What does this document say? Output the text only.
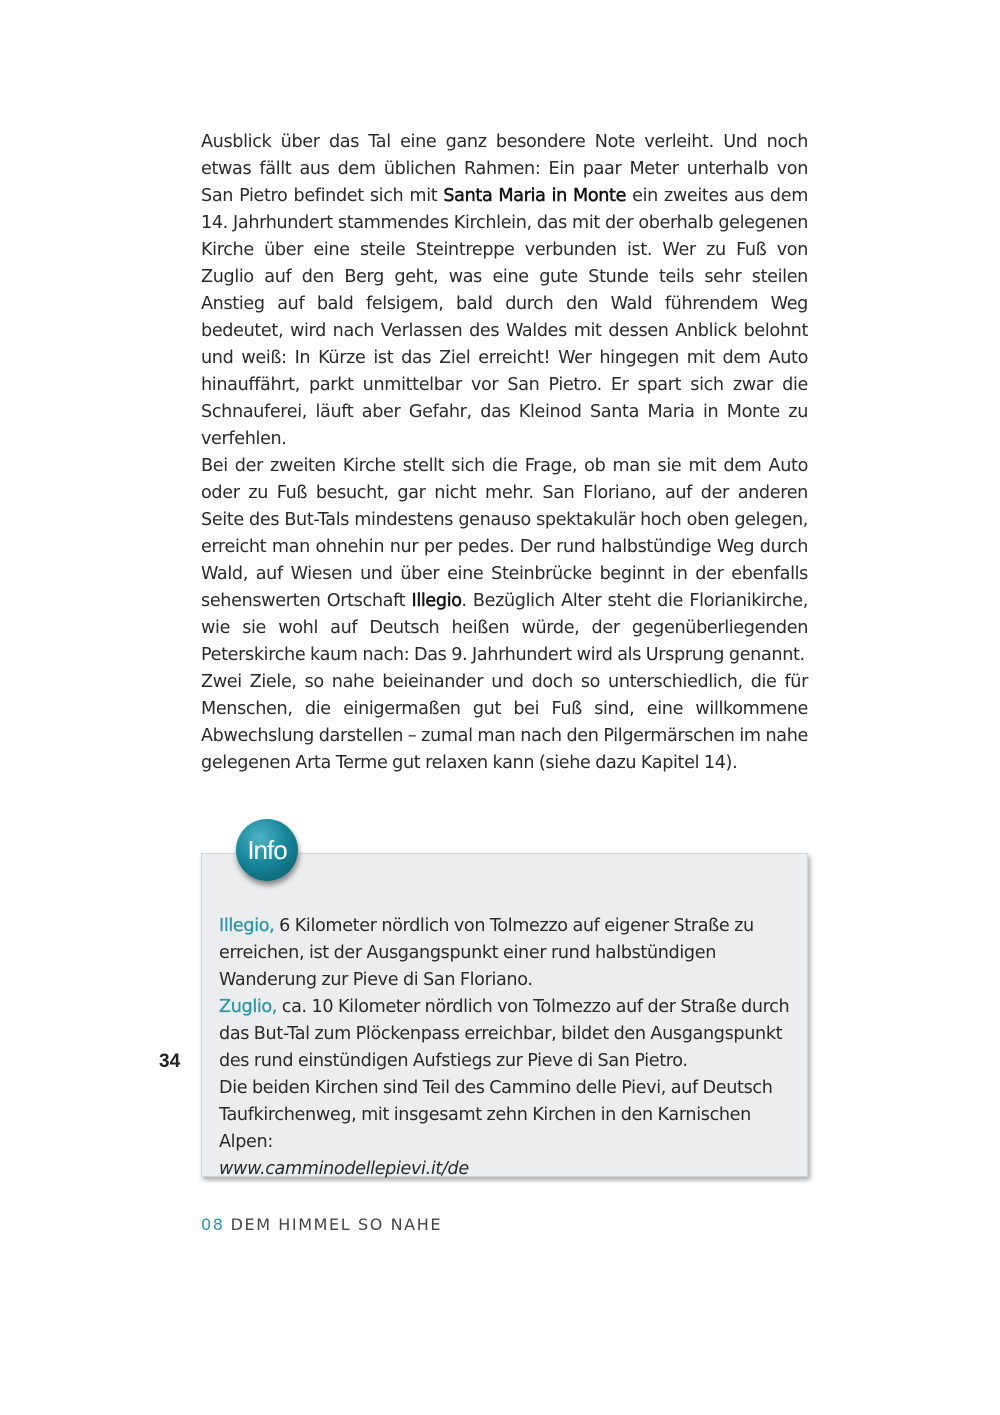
Ausblick über das Tal eine ganz besondere Note verleiht. Und noch etwas fällt aus dem üblichen Rahmen: Ein paar Meter unterhalb von San Pietro befindet sich mit Santa Maria in Monte ein zweites aus dem 14. Jahrhundert stammendes Kirchlein, das mit der oberhalb gelegenen Kirche über eine steile Steintreppe verbunden ist. Wer zu Fuß von Zuglio auf den Berg geht, was eine gute Stunde teils sehr steilen Anstieg auf bald felsigem, bald durch den Wald führendem Weg bedeutet, wird nach Verlassen des Waldes mit dessen Anblick belohnt und weiß: In Kürze ist das Ziel erreicht! Wer hingegen mit dem Auto hinauffährt, parkt unmittelbar vor San Pietro. Er spart sich zwar die Schnauferei, läuft aber Gefahr, das Kleinod Santa Maria in Monte zu verfehlen.

Bei der zweiten Kirche stellt sich die Frage, ob man sie mit dem Auto oder zu Fuß besucht, gar nicht mehr. San Floriano, auf der anderen Seite des But-Tals mindestens genauso spektakulär hoch oben gelegen, erreicht man ohnehin nur per pedes. Der rund halbstündige Weg durch Wald, auf Wiesen und über eine Steinbrücke beginnt in der ebenfalls sehenswerten Ortschaft Illegio. Bezüglich Alter steht die Florianikirche, wie sie wohl auf Deutsch heißen würde, der gegenüberliegenden Peterskirche kaum nach: Das 9. Jahrhundert wird als Ursprung genannt.

Zwei Ziele, so nahe beieinander und doch so unterschiedlich, die für Menschen, die einigermaßen gut bei Fuß sind, eine willkommene Abwechslung darstellen – zumal man nach den Pilgermärschen im nahe gelegenen Arta Terme gut relaxen kann (siehe dazu Kapitel 14).

Info

Illegio, 6 Kilometer nördlich von Tolmezzo auf eigener Straße zu erreichen, ist der Ausgangspunkt einer rund halbstündigen Wanderung zur Pieve di San Floriano.

Zuglio, ca. 10 Kilometer nördlich von Tolmezzo auf der Straße durch das But-Tal zum Plöckenpass erreichbar, bildet den Ausgangspunkt des rund einstündigen Aufstiegs zur Pieve di San Pietro.

Die beiden Kirchen sind Teil des Cammino delle Pievi, auf Deutsch Taufkirchenweg, mit insgesamt zehn Kirchen in den Karnischen Alpen:

www.camminodellepievi.it/de

34
08 DEM HIMMEL SO NAHE
